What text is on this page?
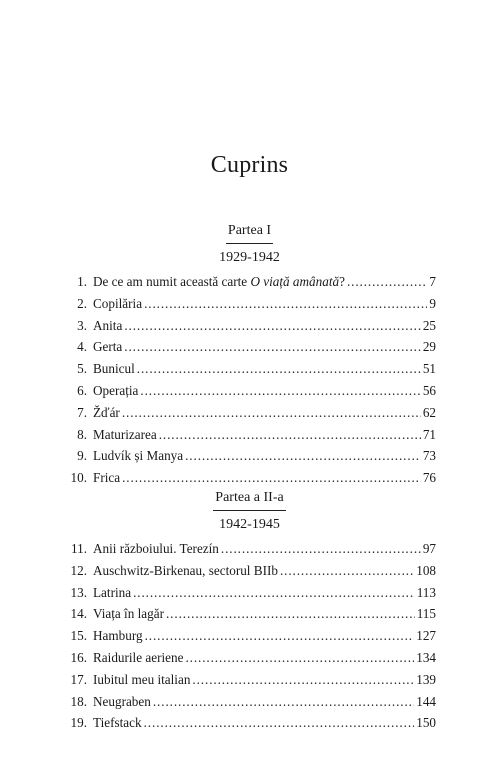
Cuprins
Partea I
1929-1942
1. De ce am numit această carte O viață amânată? . . .	7
2. Copilăria . . .	9
3. Anita . . .	25
4. Gerta . . .	29
5. Bunicul . . .	51
6. Operația . . .	56
7. Žďár . . .	62
8. Maturizarea . . .	71
9. Ludvík și Manya . . .	73
10. Frica . . .	76
Partea a II-a
1942-1945
11. Anii războiului. Terezín . . .	97
12. Auschwitz-Birkenau, sectorul BIIb . . .	108
13. Latrina . . .	113
14. Viața în lagăr . . .	115
15. Hamburg . . .	127
16. Raidurile aeriene . . .	134
17. Iubitul meu italian . . .	139
18. Neugraben . . .	144
19. Tiefstack . . .	150
